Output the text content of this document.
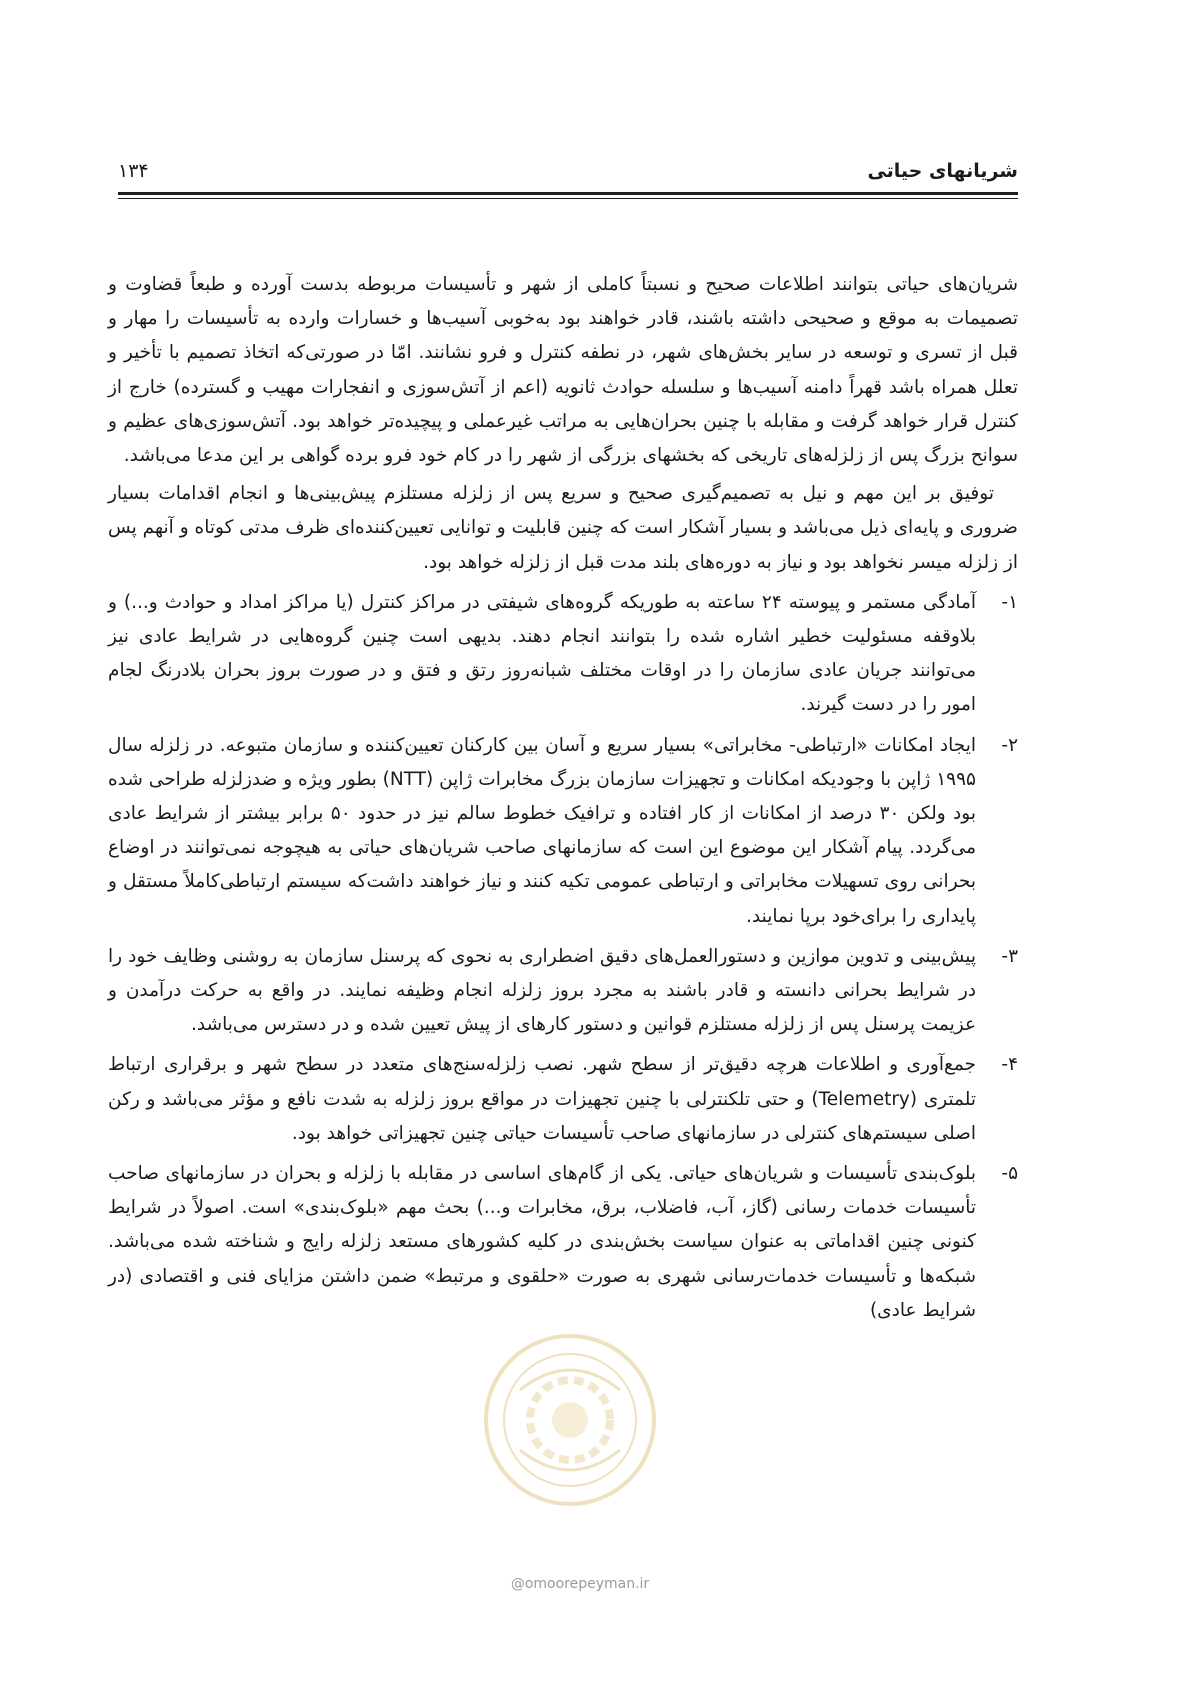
شریانهای حیاتی
۱۳۴

شریان‌های حیاتی بتوانند اطلاعات صحیح و نسبتاً کاملی از شهر و تأسیسات مربوطه بدست آورده و طبعاً قضاوت و تصمیمات به موقع و صحیحی داشته باشند، قادر خواهند بود به‌خوبی آسیب‌ها و خسارات وارده به تأسیسات را مهار و قبل از تسری و توسعه در سایر بخش‌های شهر، در نطفه کنترل و فرو نشانند. امّا در صورتی‌که اتخاذ تصمیم با تأخیر و تعلل همراه باشد قهراً دامنه آسیب‌ها و سلسله حوادث ثانویه (اعم از آتش‌سوزی و انفجارات مهیب و گسترده) خارج از کنترل قرار خواهد گرفت و مقابله با چنین بحران‌هایی به مراتب غیرعملی و پیچیده‌تر خواهد بود. آتش‌سوزی‌های عظیم و سوانح بزرگ پس از زلزله‌های تاریخی که بخشهای بزرگی از شهر را در کام خود فرو برده گواهی بر این مدعا می‌باشد.

توفیق بر این مهم و نیل به تصمیم‌گیری صحیح و سریع پس از زلزله مستلزم پیش‌بینی‌ها و انجام اقدامات بسیار ضروری و پایه‌ای ذیل می‌باشد و بسیار آشکار است که چنین قابلیت و توانایی تعیین‌کننده‌ای ظرف مدتی کوتاه و آنهم پس از زلزله میسر نخواهد بود و نیاز به دوره‌های بلند مدت قبل از زلزله خواهد بود.

۱-
آمادگی مستمر و پیوسته ۲۴ ساعته به طوریکه گروه‌های شیفتی در مراکز کنترل (یا مراکز امداد و حوادث و...) و بلاوقفه مسئولیت خطیر اشاره شده را بتوانند انجام دهند. بدیهی است چنین گروه‌هایی در شرایط عادی نیز می‌توانند جریان عادی سازمان را در اوقات مختلف شبانه‌روز رتق و فتق و در صورت بروز بحران بلادرنگ لجام امور را در دست گیرند.

۲-
ایجاد امکانات «ارتباطی- مخابراتی» بسیار سریع و آسان بین کارکنان تعیین‌کننده و سازمان متبوعه. در زلزله سال ۱۹۹۵ ژاپن با وجودیکه امکانات و تجهیزات سازمان بزرگ مخابرات ژاپن (NTT) بطور ویژه و ضدزلزله طراحی شده بود ولکن ۳۰ درصد از امکانات از کار افتاده و ترافیک خطوط سالم نیز در حدود ۵۰ برابر بیشتر از شرایط عادی می‌گردد. پیام آشکار این موضوع این است که سازمانهای صاحب شریان‌های حیاتی به هیچوجه نمی‌توانند در اوضاع بحرانی روی تسهیلات مخابراتی و ارتباطی عمومی تکیه کنند و نیاز خواهند داشت‌که سیستم ارتباطی‌کاملاً مستقل و پایداری را برای‌خود برپا نمایند.

۳-
پیش‌بینی و تدوین موازین و دستورالعمل‌های دقیق اضطراری به نحوی که پرسنل سازمان به روشنی وظایف خود را در شرایط بحرانی دانسته و قادر باشند به مجرد بروز زلزله انجام وظیفه نمایند. در واقع به حرکت درآمدن و عزیمت پرسنل پس از زلزله مستلزم قوانین و دستور کارهای از پیش تعیین شده و در دسترس می‌باشد.

۴-
جمع‌آوری و اطلاعات هرچه دقیق‌تر از سطح شهر. نصب زلزله‌سنج‌های متعدد در سطح شهر و برقراری ارتباط تلمتری (Telemetry) و حتی تلکنترلی با چنین تجهیزات در مواقع بروز زلزله به شدت نافع و مؤثر می‌باشد و رکن اصلی سیستم‌های کنترلی در سازمانهای صاحب تأسیسات حیاتی چنین تجهیزاتی خواهد بود.

۵-
بلوک‌بندی تأسیسات و شریان‌های حیاتی. یکی از گام‌های اساسی در مقابله با زلزله و بحران در سازمانهای صاحب تأسیسات خدمات رسانی (گاز، آب، فاضلاب، برق، مخابرات و...) بحث مهم «بلوک‌بندی» است. اصولاً در شرایط کنونی چنین اقداماتی به عنوان سیاست بخش‌بندی در کلیه کشورهای مستعد زلزله رایج و شناخته شده می‌باشد. شبکه‌ها و تأسیسات خدمات‌رسانی شهری به صورت «حلقوی و مرتبط» ضمن داشتن مزایای فنی و اقتصادی (در شرایط عادی)

@omoorepeyman.ir
